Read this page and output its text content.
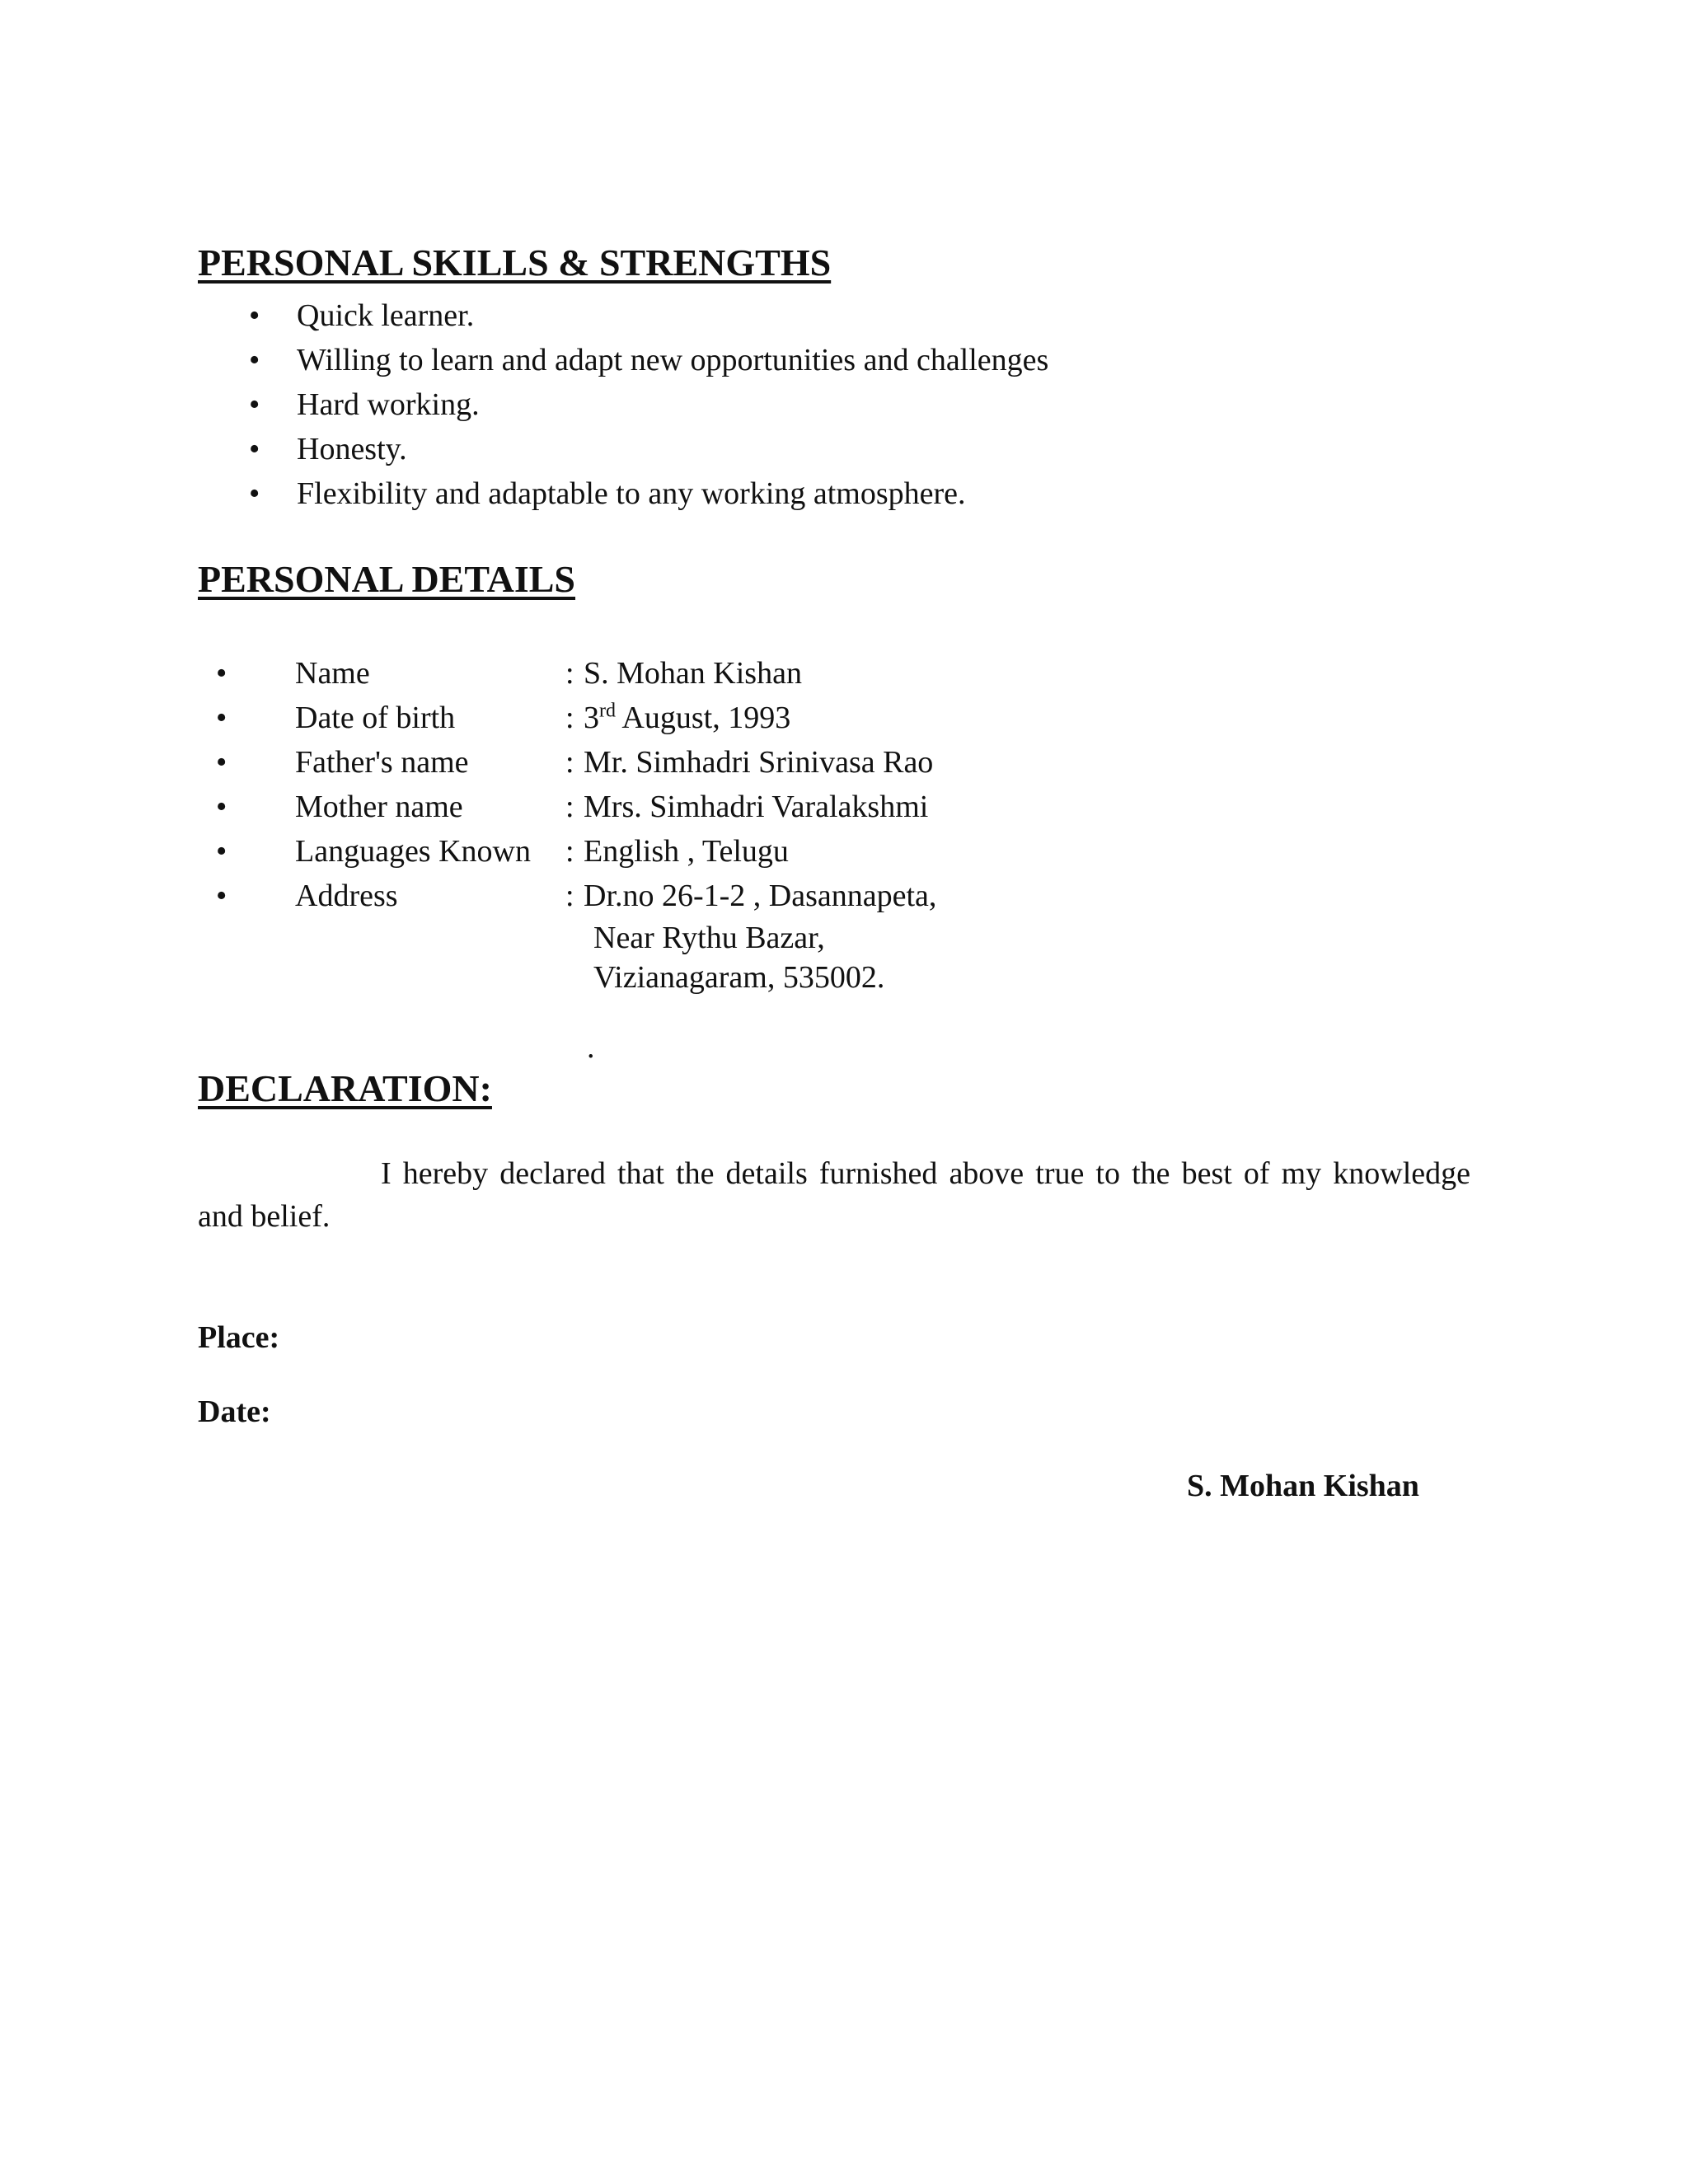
PERSONAL SKILLS & STRENGTHS
• Quick learner.
• Willing to learn and adapt new opportunities and challenges
• Hard working.
• Honesty.
• Flexibility and adaptable to any working atmosphere.
PERSONAL DETAILS
• Name	: S. Mohan Kishan
• Date of birth	: 3rd August, 1993
• Father's name	: Mr. Simhadri Srinivasa Rao
• Mother name	: Mrs. Simhadri Varalakshmi
• Languages Known : English , Telugu
• Address	: Dr.no 26-1-2 , Dasannapeta,
Near Rythu Bazar,
Vizianagaram, 535002.
.
DECLARATION:

I hereby declared that the details furnished above true to the best of my knowledge and belief.

Place:

Date:

S. Mohan Kishan
